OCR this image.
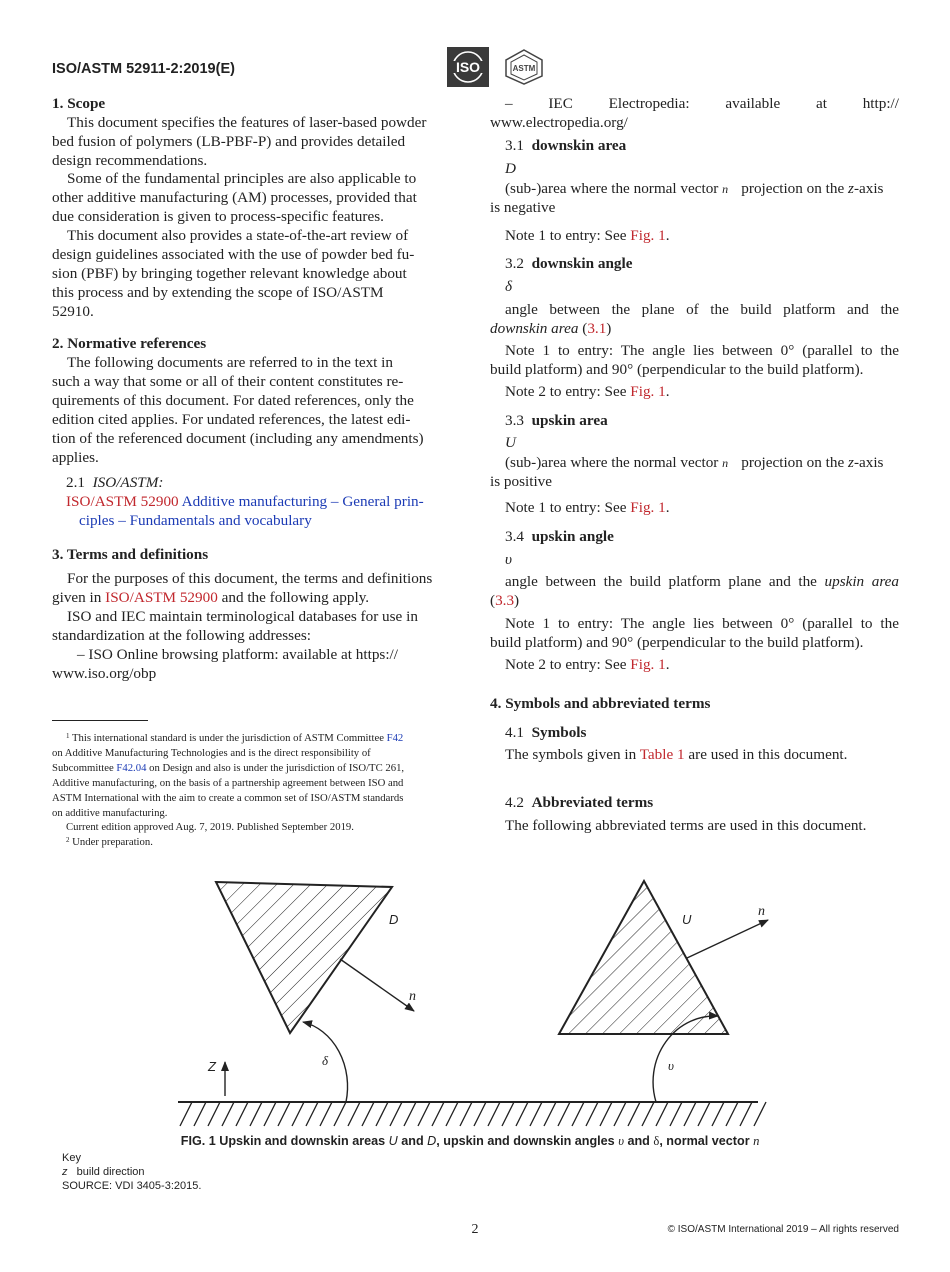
ISO/ASTM 52911-2:2019(E)	ISO	ASTM
1. Scope
This document specifies the features of laser-based powder
bed fusion of polymers (LB-PBF-P) and provides detailed
design recommendations.
Some of the fundamental principles are also applicable to
other additive manufacturing (AM) processes, provided that
due consideration is given to process-specific features.
This document also provides a state-of-the-art review of
design guidelines associated with the use of powder bed fu-
sion (PBF) by bringing together relevant knowledge about
this process and by extending the scope of ISO/ASTM
52910.
2. Normative references
The following documents are referred to in the text in
such a way that some or all of their content constitutes re-
quirements of this document. For dated references, only the
edition cited applies. For undated references, the latest edi-
tion of the referenced document (including any amendments)
applies.
2.1 ISO/ASTM:
ISO/ASTM 52900 Additive manufacturing – General prin-
ciples – Fundamentals and vocabulary
3. Terms and definitions
For the purposes of this document, the terms and definitions
given in ISO/ASTM 52900 and the following apply.
ISO and IEC maintain terminological databases for use in
standardization at the following addresses:
– ISO Online browsing platform: available at https://
www.iso.org/obp
$^1$ This international standard is under the jurisdiction of ASTM Committee F42
on Additive Manufacturing Technologies and is the direct responsibility of
Subcommittee F42.04 on Design and also is under the jurisdiction of ISO/TC 261,
Additive manufacturing, on the basis of a partnership agreement between ISO and
ASTM International with the aim to create a common set of ISO/ASTM standards
on additive manufacturing.
Current edition approved Aug. 7, 2019. Published September 2019.
$^2$ Under preparation.
– IEC Electropedia: available at http://
www.electropedia.org/
3.1 downskin area
D
(sub-)area where the normal vector n⃗ projection on the z-axis
is negative
Note 1 to entry: See Fig. 1.
3.2 downskin angle
δ
angle between the plane of the build platform and the
downskin area (3.1)
Note 1 to entry: The angle lies between 0° (parallel to the
build platform) and 90° (perpendicular to the build platform).
Note 2 to entry: See Fig. 1.
3.3 upskin area
U
(sub-)area where the normal vector n⃗ projection on the z-axis
is positive
Note 1 to entry: See Fig. 1.
3.4 upskin angle
υ
angle between the build platform plane and the upskin area
(3.3)
Note 1 to entry: The angle lies between 0° (parallel to the
build platform) and 90° (perpendicular to the build platform).
Note 2 to entry: See Fig. 1.
4. Symbols and abbreviated terms
4.1 Symbols
The symbols given in Table 1 are used in this document.
4.2 Abbreviated terms
The following abbreviated terms are used in this document.
D	U
n⃗
n⃗
Z	δ	υ
FIG. 1 Upskin and downskin areas U and D, upskin and downskin angles υ and δ, normal vector n⃗
Key
z build direction
SOURCE: VDI 3405-3:2015.
2	© ISO/ASTM International 2019 – All rights reserved
